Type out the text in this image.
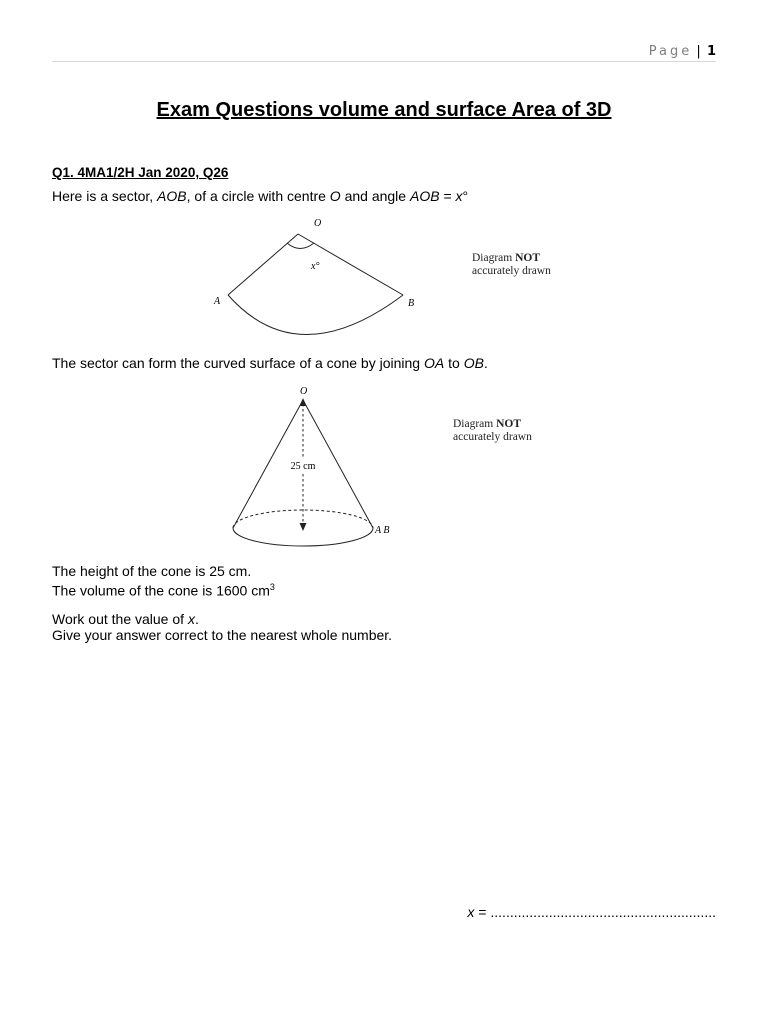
Page | 1
Exam Questions volume and surface Area of 3D
Q1. 4MA1/2H Jan 2020, Q26
Here is a sector, AOB, of a circle with centre O and angle AOB = x°
O
A	B
x°
Diagram NOT
accurately drawn
The sector can form the curved surface of a cone by joining OA to OB.
25 cm
O
A B
Diagram NOT
accurately drawn
The height of the cone is 25 cm.
The volume of the cone is 1600 $cm^3$
Work out the value of x.
Give your answer correct to the nearest whole number.
x = ..........................................................
